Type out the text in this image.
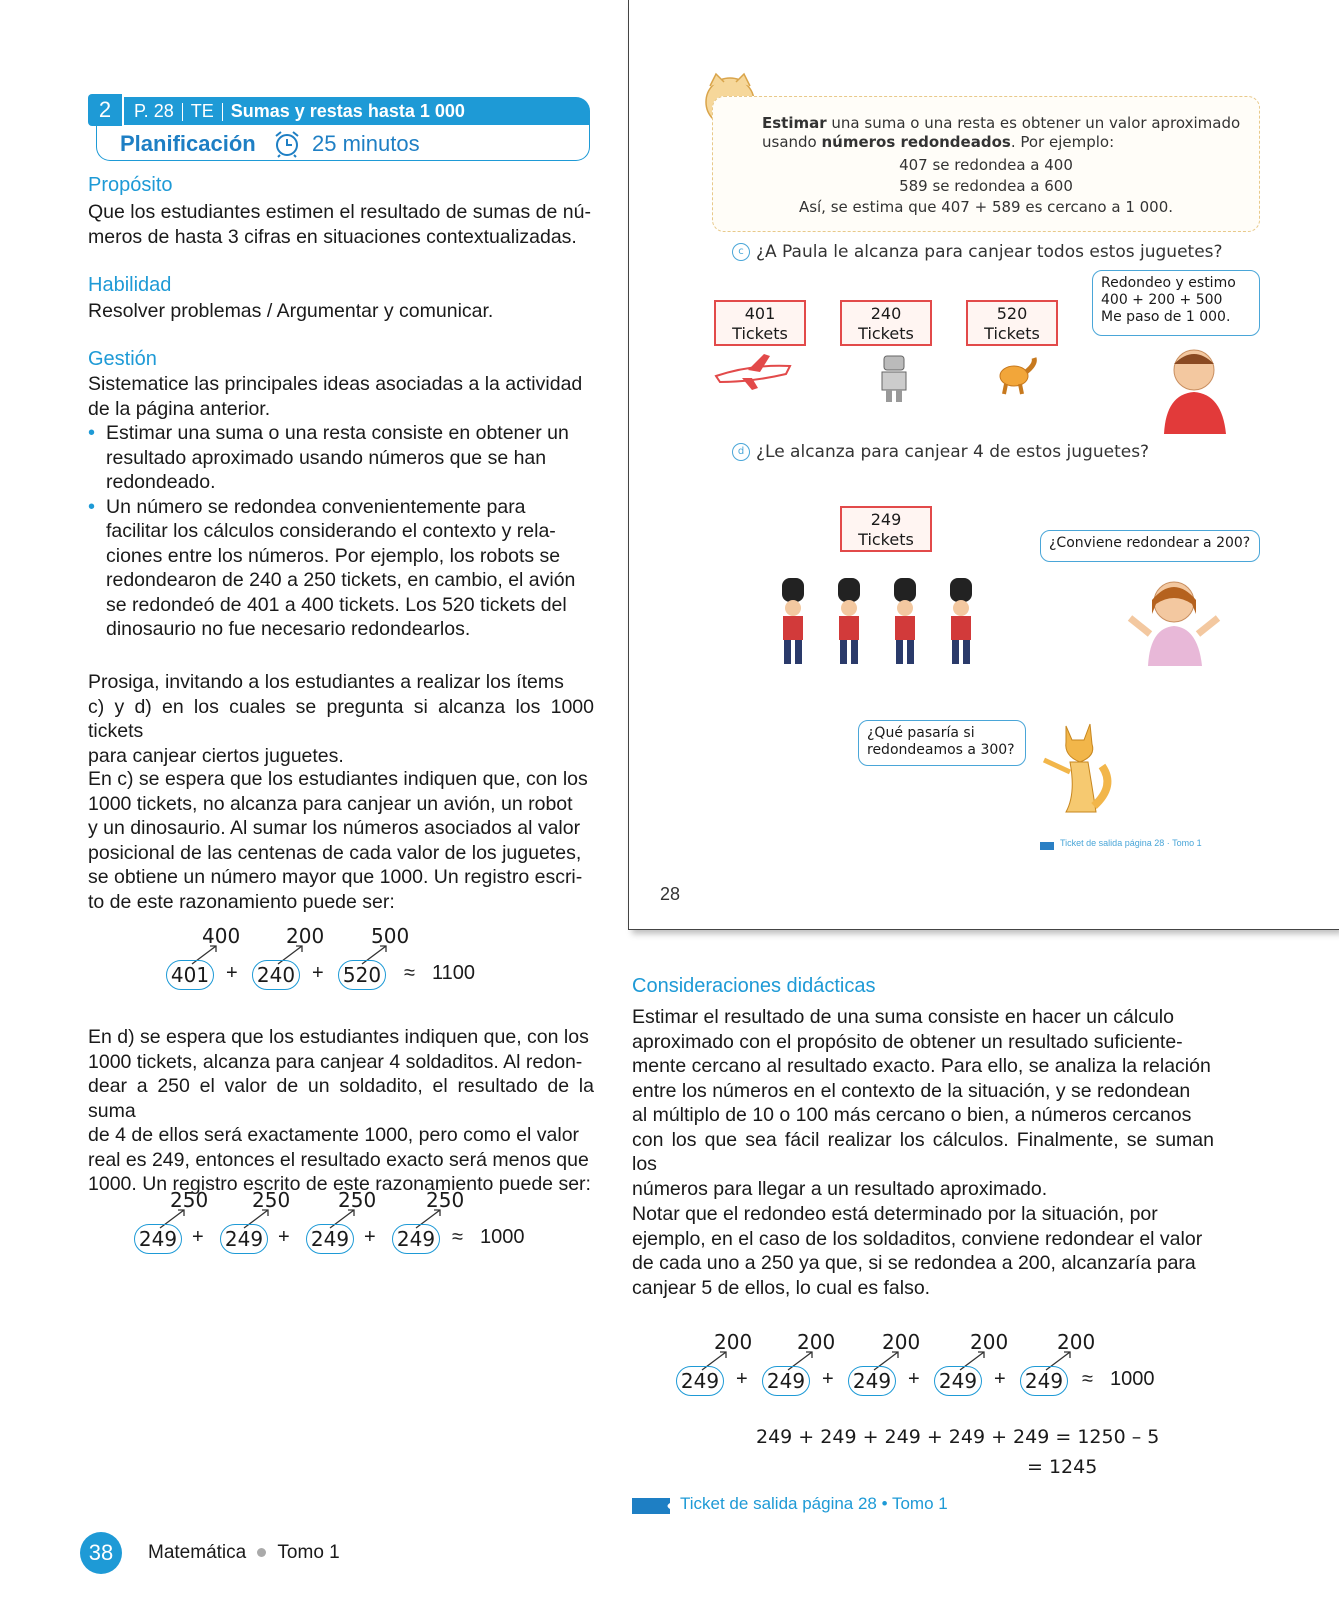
2	P. 28 TE Sumas y restas hasta 1 000
Planificación	25 minutos
Propósito
Que los estudiantes estimen el resultado de sumas de nú-
meros de hasta 3 cifras en situaciones contextualizadas.
Habilidad
Resolver problemas / Argumentar y comunicar.
Gestión
Sistematice las principales ideas asociadas a la actividad
de la página anterior.
• Estimar una suma o una resta consiste en obtener un
resultado aproximado usando números que se han
redondeado.
• Un número se redondea convenientemente para
facilitar los cálculos considerando el contexto y rela-
ciones entre los números. Por ejemplo, los robots se
redondearon de 240 a 250 tickets, en cambio, el avión
se redondeó de 401 a 400 tickets. Los 520 tickets del
dinosaurio no fue necesario redondearlos.
Prosiga, invitando a los estudiantes a realizar los ítems
c) y d) en los cuales se pregunta si alcanza los 1000 tickets
para canjear ciertos juguetes.
En c) se espera que los estudiantes indiquen que, con los
1000 tickets, no alcanza para canjear un avión, un robot
y un dinosaurio. Al sumar los números asociados al valor
posicional de las centenas de cada valor de los juguetes,
se obtiene un número mayor que 1000. Un registro escri-
to de este razonamiento puede ser:
400 200 500
401 + 240 + 520 ≈ 1100
En d) se espera que los estudiantes indiquen que, con los
1000 tickets, alcanza para canjear 4 soldaditos. Al redon-
dear a 250 el valor de un soldadito, el resultado de la suma
de 4 de ellos será exactamente 1000, pero como el valor
real es 249, entonces el resultado exacto será menos que
1000. Un registro escrito de este razonamiento puede ser:
250 250 250 250
249 + 249 + 249 + 249 ≈ 1000
Estimar una suma o una resta es obtener un valor aproximado
usando números redondeados. Por ejemplo:
407 se redondea a 400
589 se redondea a 600
Así, se estima que 407 + 589 es cercano a 1 000.
c ¿A Paula le alcanza para canjear todos estos juguetes?
401
Tickets
240
Tickets
520
Tickets
Redondeo y estimo
400 + 200 + 500
Me paso de 1 000.
d ¿Le alcanza para canjear 4 de estos juguetes?
249
Tickets	¿Conviene redondear a 200?
¿Qué pasaría si
redondeamos a 300?
Ticket de salida página 28 · Tomo 1
28
Consideraciones didácticas
Estimar el resultado de una suma consiste en hacer un cálculo
aproximado con el propósito de obtener un resultado suficiente-
mente cercano al resultado exacto. Para ello, se analiza la relación
entre los números en el contexto de la situación, y se redondean
al múltiplo de 10 o 100 más cercano o bien, a números cercanos
con los que sea fácil realizar los cálculos. Finalmente, se suman los
números para llegar a un resultado aproximado.
Notar que el redondeo está determinado por la situación, por
ejemplo, en el caso de los soldaditos, conviene redondear el valor
de cada uno a 250 ya que, si se redondea a 200, alcanzaría para
canjear 5 de ellos, lo cual es falso.
200 200 200 200 200
249 + 249 + 249 + 249 + 249 ≈ 1000
249 + 249 + 249 + 249 + 249 = 1250 – 5
= 1245
Ticket de salida página 28 • Tomo 1
38	Matemática Tomo 1
